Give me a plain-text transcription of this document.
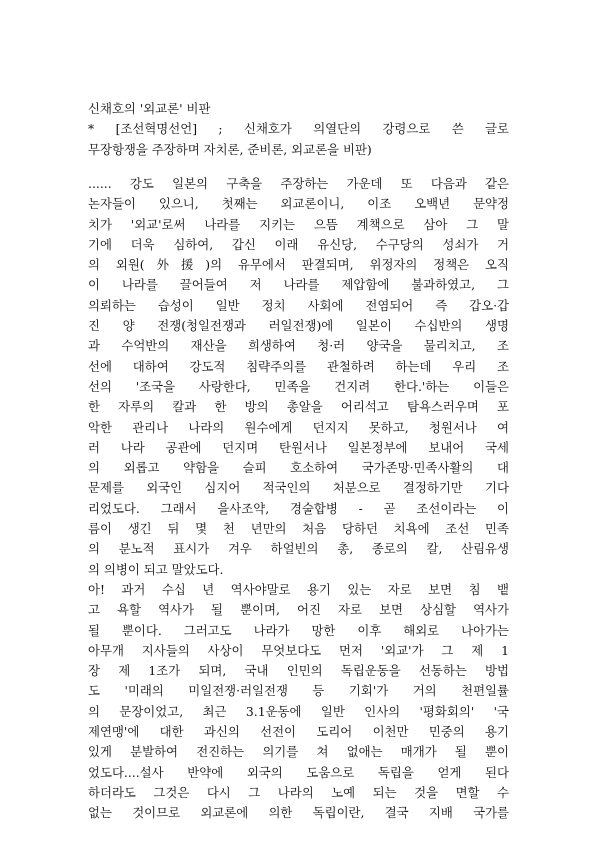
신채호의 '외교론' 비판
* [조선혁명선언] ; 신채호가 의열단의 강령으로 쓴 글로
무장항쟁을 주장하며 자치론, 준비론, 외교론을 비판)
...... 강도 일본의 구축을 주장하는 가운데 또 다음과 같은
논자들이 있으니, 첫째는 외교론이니, 이조 오백년 문약정
치가 '외교'로써 나라를 지키는 으뜸 계책으로 삼아 그 말
기에 더욱 심하여, 갑신 이래 유신당, 수구당의 성쇠가 거
의 외원(外援)의 유무에서 판결되며, 위정자의 정책은 오직
이 나라를 끌어들여 저 나라를 제압함에 불과하였고, 그
의뢰하는 습성이 일반 정치 사회에 전염되어 즉 갑오·갑
진 양 전쟁(청일전쟁과 러일전쟁)에 일본이 수십반의 생명
과 수억반의 재산을 희생하여 청·러 양국을 물리치고, 조
선에 대하여 강도적 침략주의를 관철하려 하는데 우리 조
선의 '조국을 사랑한다, 민족을 건지려 한다.'하는 이들은
한 자루의 칼과 한 방의 총알을 어리석고 탐욕스러우며 포
악한 관리나 나라의 원수에게 던지지 못하고, 청원서나 여
러 나라 공관에 던지며 탄원서나 일본정부에 보내어 국세
의 외롭고 약함을 슬피 호소하여 국가존망·민족사활의 대
문제를 외국인 심지어 적국인의 처분으로 결정하기만 기다
리었도다. 그래서 을사조약, 경술합병 - 곧 조선이라는 이
름이 생긴 뒤 몇 천 년만의 처음 당하던 치욕에 조선 민족
의 분노적 표시가 겨우 하얼빈의 총, 종로의 칼, 산림유생
의 의병이 되고 말았도다.
아! 과거 수십 년 역사야말로 용기 있는 자로 보면 침 뱉
고 욕할 역사가 될 뿐이며, 어진 자로 보면 상심할 역사가
될 뿐이다. 그러고도 나라가 망한 이후 해외로 나아가는
아무개 지사들의 사상이 무엇보다도 먼저 '외교'가 그 제 1
장 제 1조가 되며, 국내 인민의 독립운동을 선동하는 방법
도 '미래의 미일전쟁·러일전쟁 등 기회'가 거의 천편일률
의 문장이었고, 최근 3.1운동에 일반 인사의 '평화회의' '국
제연맹'에 대한 과신의 선전이 도리어 이천만 민중의 용기
있게 분발하여 전진하는 의기를 쳐 없애는 매개가 될 뿐이
었도다....설사 반약에 외국의 도움으로 독립을 얻게 된다
하더라도 그것은 다시 그 나라의 노예 되는 것을 면할 수
없는 것이므로 외교론에 의한 독립이란, 결국 지배 국가를
